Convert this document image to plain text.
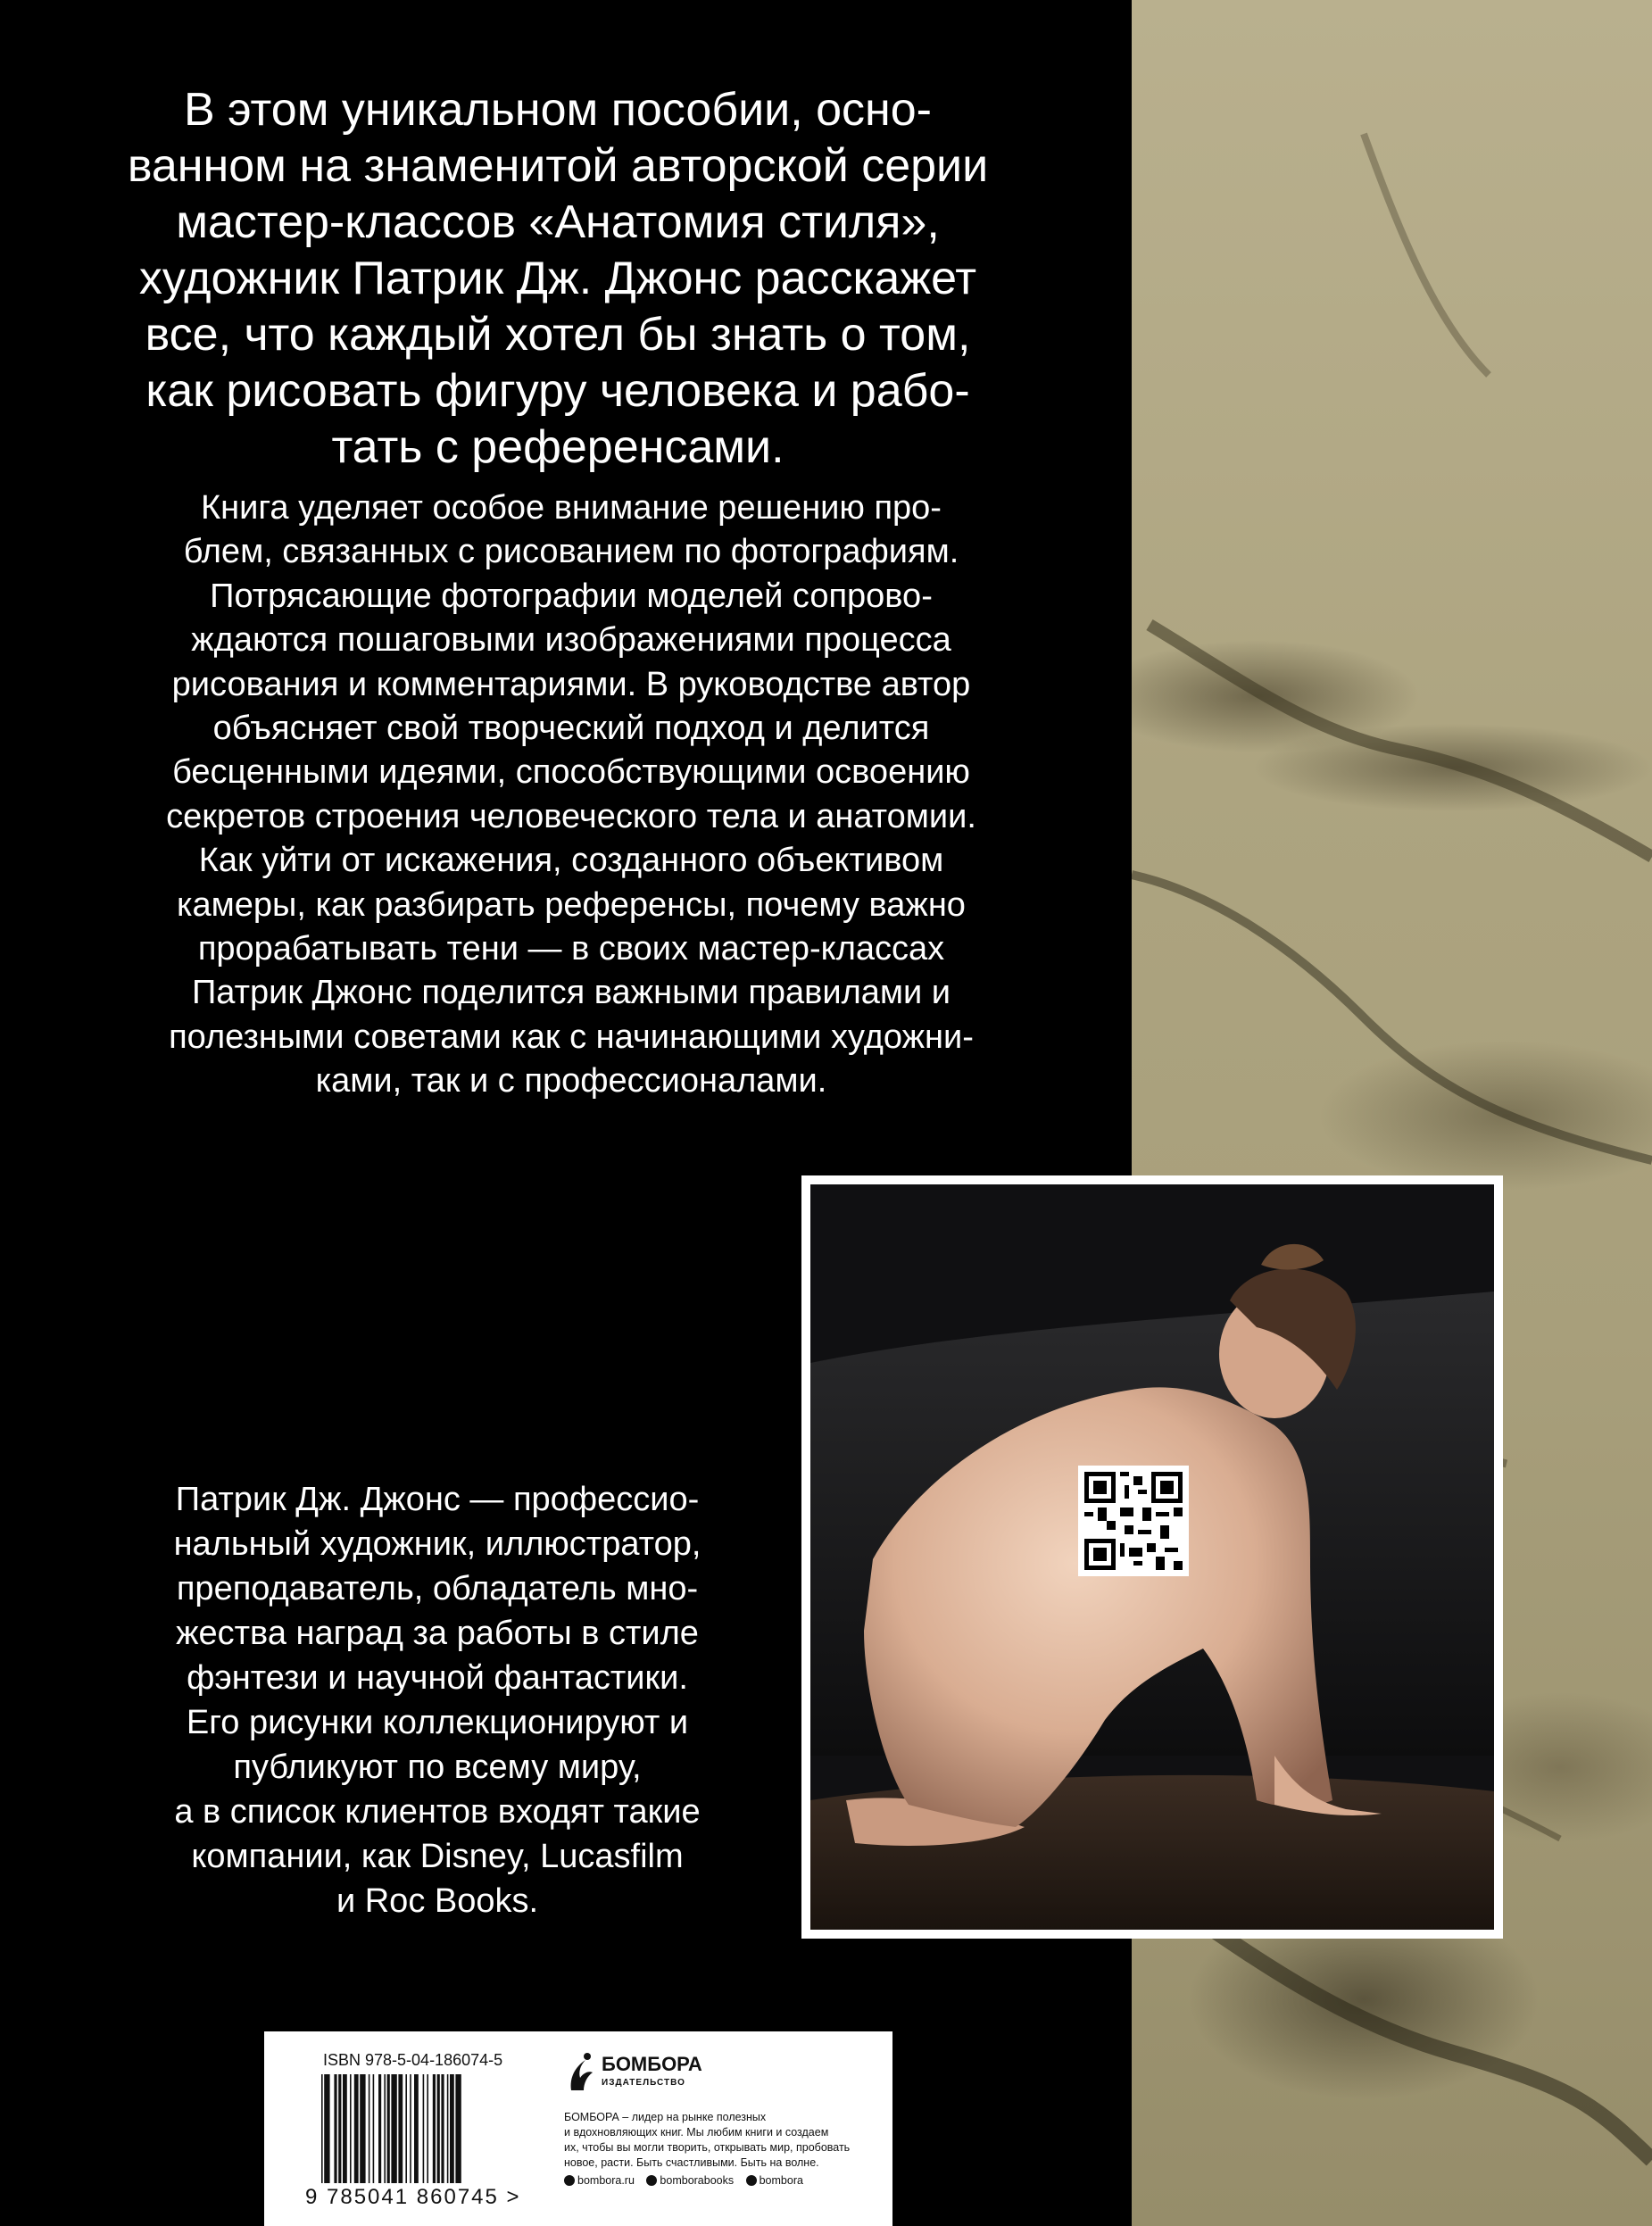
В этом уникальном пособии, осно-
ванном на знаменитой авторской серии
мастер-классов «Анатомия стиля»,
художник Патрик Дж. Джонс расскажет
все, что каждый хотел бы знать о том,
как рисовать фигуру человека и рабо-
тать с референсами.
Книга уделяет особое внимание решению про-
блем, связанных с рисованием по фотографиям.
Потрясающие фотографии моделей сопрово-
ждаются пошаговыми изображениями процесса
рисования и комментариями. В руководстве автор
объясняет свой творческий подход и делится
бесценными идеями, способствующими освоению
секретов строения человеческого тела и анатомии.
Как уйти от искажения, созданного объективом
камеры, как разбирать референсы, почему важно
прорабатывать тени — в своих мастер-классах
Патрик Джонс поделится важными правилами и
полезными советами как с начинающими художни-
ками, так и с профессионалами.
Патрик Дж. Джонс — профессио-
нальный художник, иллюстратор,
преподаватель, обладатель мно-
жества наград за работы в стиле
фэнтези и научной фантастики.
Его рисунки коллекционируют и
публикуют по всему миру,
а в список клиентов входят такие
компании, как Disney, Lucasfilm
и Roc Books.
ISBN 978-5-04-186074-5
9 785041 860745 >
БОМБОРА
ИЗДАТЕЛЬСТВО
БОМБОРА – лидер на рынке полезных
и вдохновляющих книг. Мы любим книги и создаем
их, чтобы вы могли творить, открывать мир, пробовать
новое, расти. Быть счастливыми. Быть на волне.
bombora.ru
bomborabooks
bombora
